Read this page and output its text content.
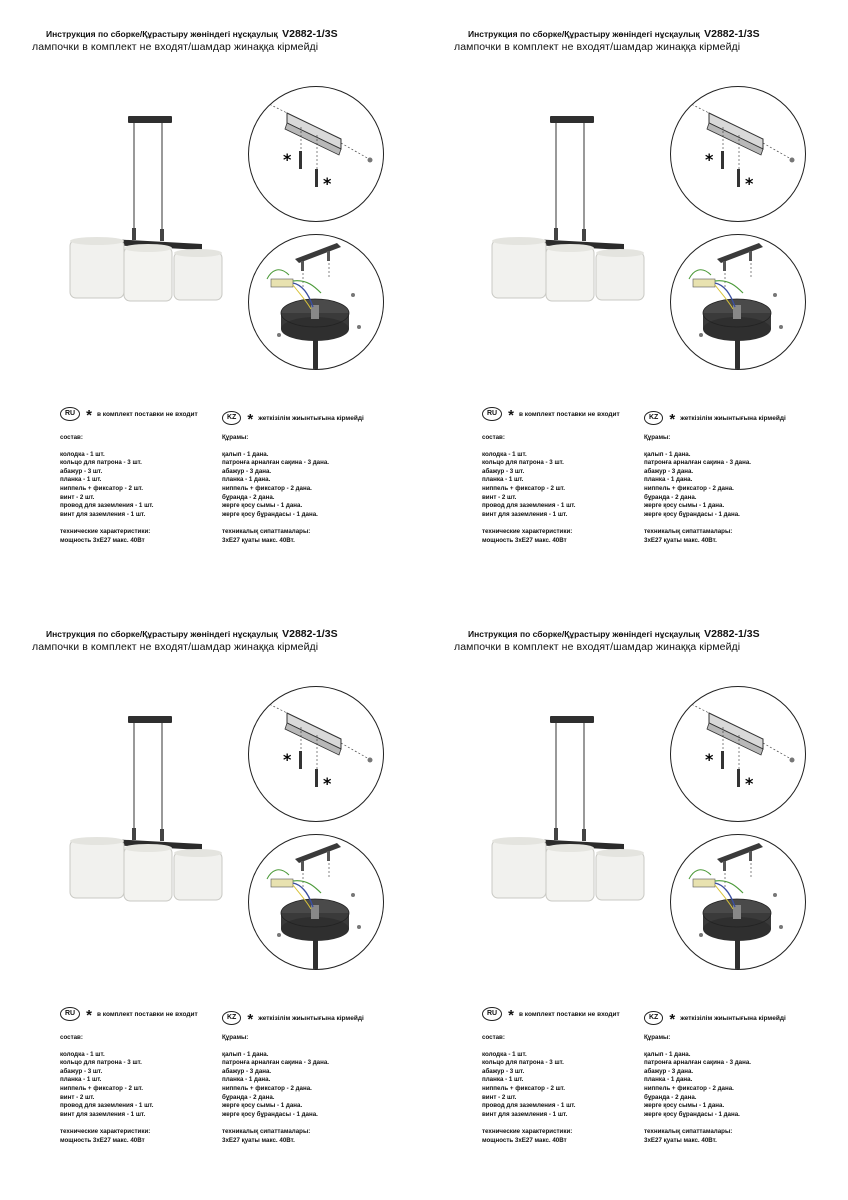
Инструкция по сборке/Құрастыру жөніндегі нұсқаулық V2882-1/3S
лампочки в комплект не входят/шамдар жинаққа кірмейді
*
*
RU * в комплект поставки не входит	KZ * жеткізілім жиынтығына кірмейді
состав:
колодка - 1 шт.
кольцо для патрона - 3 шт.
абажур - 3 шт.
планка - 1 шт.
ниппель + фиксатор - 2 шт.
винт - 2 шт.
провод для заземления - 1 шт.
винт для заземления - 1 шт.
технические характеристики:
мощность 3хЕ27 макс. 40Вт
Құрамы:
қалып - 1 дана.
патронға арналған сақина - 3 дана.
абажур - 3 дана.
планка - 1 дана.
ниппель + фиксатор - 2 дана.
бұрандa - 2 дана.
жерге қосу сымы - 1 дана.
жерге қосу бұрандасы - 1 дана.
техникалық сипаттамалары:
3хЕ27 қуаты макс. 40Вт.
Инструкция по сборке/Құрастыру жөніндегі нұсқаулық V2882-1/3S
лампочки в комплект не входят/шамдар жинаққа кірмейді
*
*
RU * в комплект поставки не входит	KZ * жеткізілім жиынтығына кірмейді
состав:
колодка - 1 шт.
кольцо для патрона - 3 шт.
абажур - 3 шт.
планка - 1 шт.
ниппель + фиксатор - 2 шт.
винт - 2 шт.
провод для заземления - 1 шт.
винт для заземления - 1 шт.
технические характеристики:
мощность 3хЕ27 макс. 40Вт
Құрамы:
қалып - 1 дана.
патронға арналған сақина - 3 дана.
абажур - 3 дана.
планка - 1 дана.
ниппель + фиксатор - 2 дана.
бұрандa - 2 дана.
жерге қосу сымы - 1 дана.
жерге қосу бұрандасы - 1 дана.
техникалық сипаттамалары:
3хЕ27 қуаты макс. 40Вт.
Инструкция по сборке/Құрастыру жөніндегі нұсқаулық V2882-1/3S
лампочки в комплект не входят/шамдар жинаққа кірмейді
*
*
RU * в комплект поставки не входит	KZ * жеткізілім жиынтығына кірмейді
состав:
колодка - 1 шт.
кольцо для патрона - 3 шт.
абажур - 3 шт.
планка - 1 шт.
ниппель + фиксатор - 2 шт.
винт - 2 шт.
провод для заземления - 1 шт.
винт для заземления - 1 шт.
технические характеристики:
мощность 3хЕ27 макс. 40Вт
Құрамы:
қалып - 1 дана.
патронға арналған сақина - 3 дана.
абажур - 3 дана.
планка - 1 дана.
ниппель + фиксатор - 2 дана.
бұрандa - 2 дана.
жерге қосу сымы - 1 дана.
жерге қосу бұрандасы - 1 дана.
техникалық сипаттамалары:
3хЕ27 қуаты макс. 40Вт.
Инструкция по сборке/Құрастыру жөніндегі нұсқаулық V2882-1/3S
лампочки в комплект не входят/шамдар жинаққа кірмейді
*
*
RU * в комплект поставки не входит	KZ * жеткізілім жиынтығына кірмейді
состав:
колодка - 1 шт.
кольцо для патрона - 3 шт.
абажур - 3 шт.
планка - 1 шт.
ниппель + фиксатор - 2 шт.
винт - 2 шт.
провод для заземления - 1 шт.
винт для заземления - 1 шт.
технические характеристики:
мощность 3хЕ27 макс. 40Вт
Құрамы:
қалып - 1 дана.
патронға арналған сақина - 3 дана.
абажур - 3 дана.
планка - 1 дана.
ниппель + фиксатор - 2 дана.
бұрандa - 2 дана.
жерге қосу сымы - 1 дана.
жерге қосу бұрандасы - 1 дана.
техникалық сипаттамалары:
3хЕ27 қуаты макс. 40Вт.
